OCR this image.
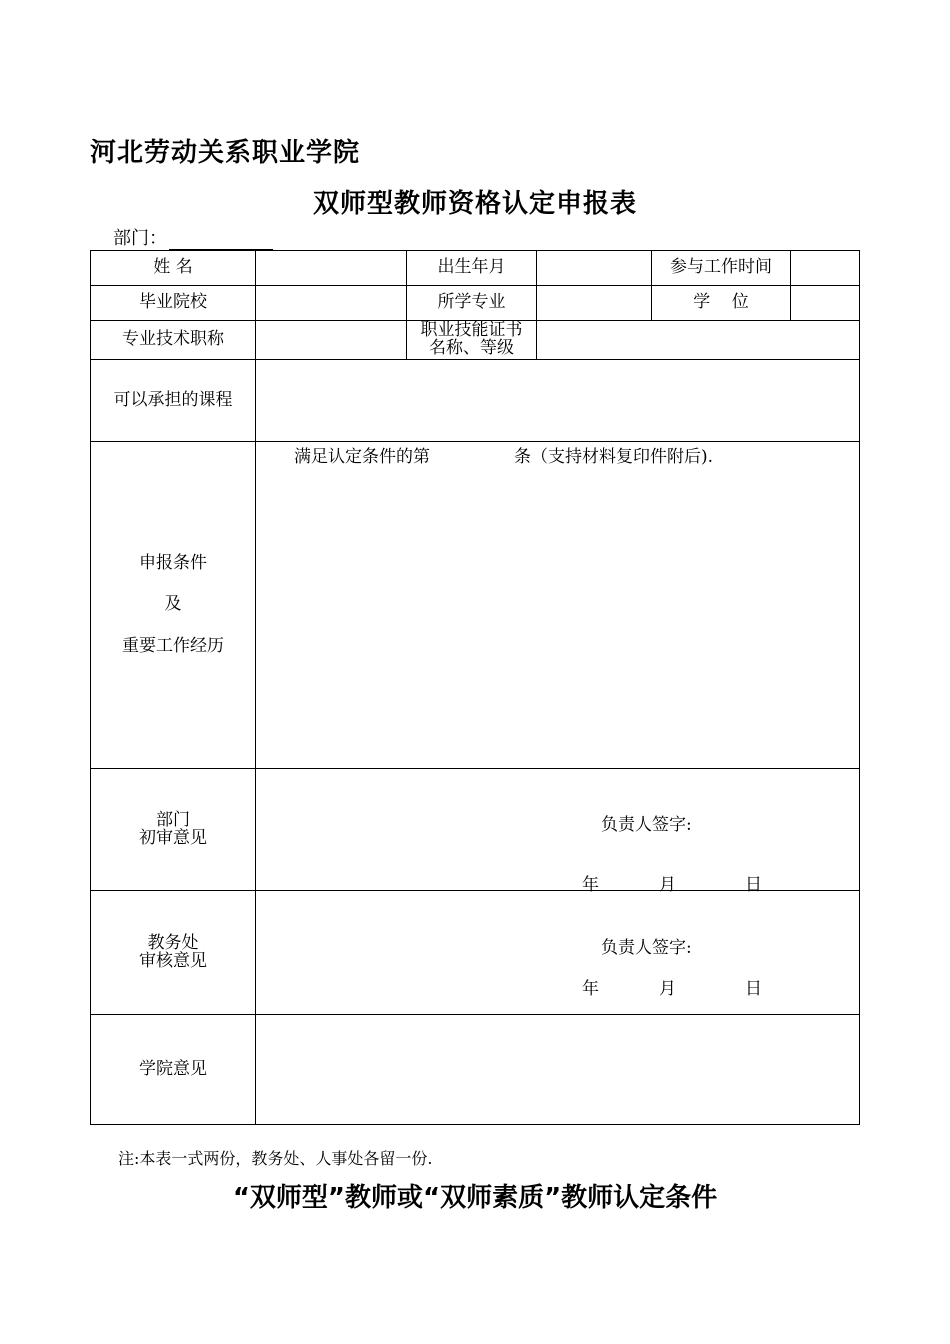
河北劳动关系职业学院
双师型教师资格认定申报表
部门：
姓 名	出生年月	参与工作时间
毕业院校	所学专业	学    位
专业技术职称	职业技能证书
名称、等级
可以承担的课程
申报条件
及
重要工作经历
满足认定条件的第	条（支持材料复印件附后).
部门
初审意见
负责人签字:
年	月	日
教务处
审核意见
负责人签字:
年	月	日
学院意见
注:本表一式两份，教务处、人事处各留一份.
“双师型”教师或“双师素质”教师认定条件
